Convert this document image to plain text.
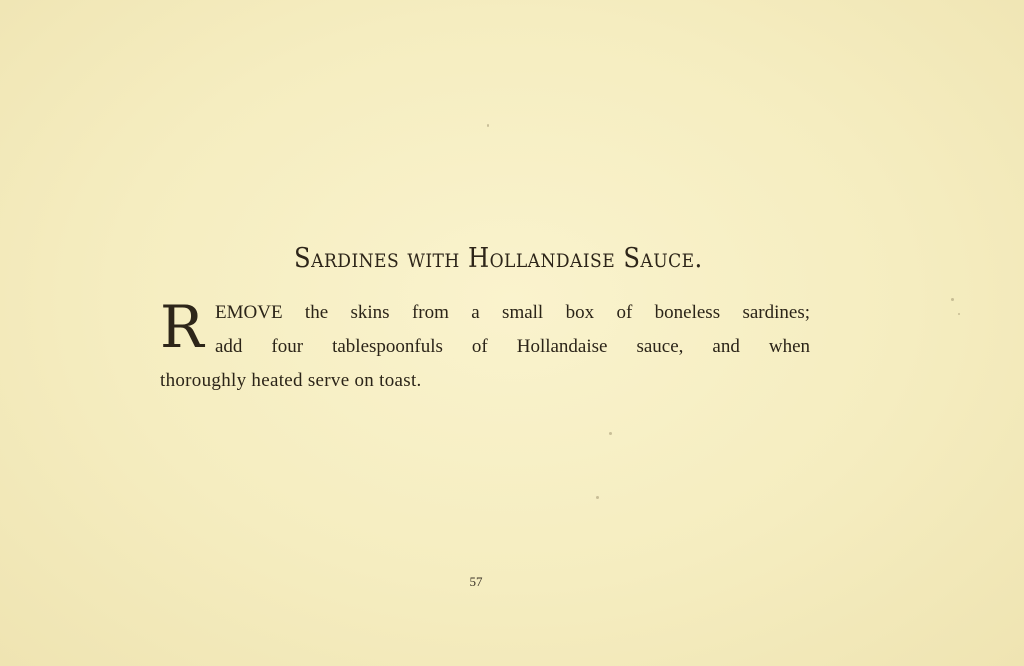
Sardines with Hollandaise Sauce.
R EMOVE the skins from a small box of boneless sardines;
add four tablespoonfuls of Hollandaise sauce, and when
thoroughly heated serve on toast.
57
